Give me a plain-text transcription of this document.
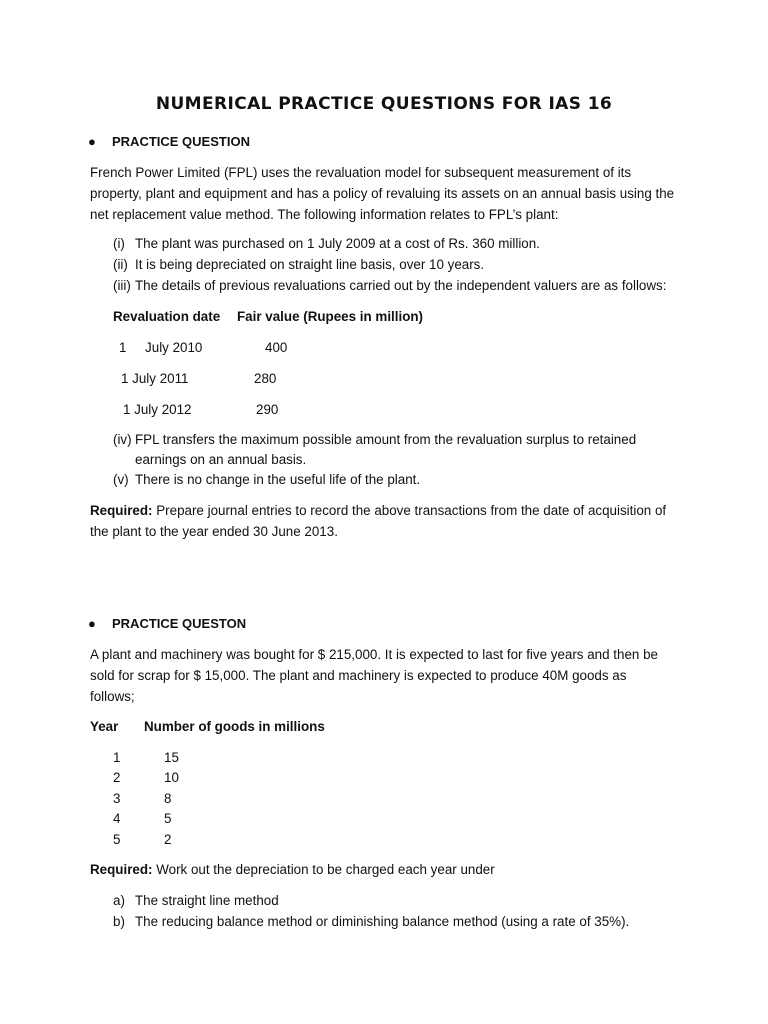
NUMERICAL PRACTICE QUESTIONS FOR IAS 16
● PRACTICE QUESTION
French Power Limited (FPL) uses the revaluation model for subsequent measurement of its
property, plant and equipment and has a policy of revaluing its assets on an annual basis using the
net replacement value method. The following information relates to FPL’s plant:
(i) The plant was purchased on 1 July 2009 at a cost of Rs. 360 million.
(ii) It is being depreciated on straight line basis, over 10 years.
(iii) The details of previous revaluations carried out by the independent valuers are as follows:
Revaluation date Fair value (Rupees in million)
1     July 2010	400
1 July 2011	280
1 July 2012	290
(iv) FPL transfers the maximum possible amount from the revaluation surplus to retained
earnings on an annual basis.
(v) There is no change in the useful life of the plant.
Required: Prepare journal entries to record the above transactions from the date of acquisition of
the plant to the year ended 30 June 2013.
● PRACTICE QUESTON
A plant and machinery was bought for $ 215,000. It is expected to last for five years and then be
sold for scrap for $ 15,000. The plant and machinery is expected to produce 40M goods as
follows;
Year Number of goods in millions
1	15
2	10
3	8
4	5
5	2
Required: Work out the depreciation to be charged each year under
a) The straight line method
b) The reducing balance method or diminishing balance method (using a rate of 35%).
